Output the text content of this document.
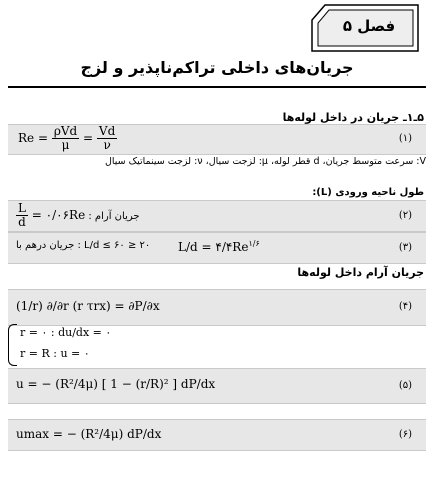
فصل ۵
جریان‌های داخلی تراکم‌ناپذیر و لزج
۵ـ۱ـ جریان در داخل لوله‌ها
$Re = \frac{\text{ρVd}}{\mu} = \frac{Vd}{\nu}$	(۱)
V: سرعت متوسط جریان، d قطر لوله، μ: لزجت سیال، ν: لزجت سینماتیک سیال
طول ناحیه ورودی (L):
جریان آرام :
$\frac{L}{d}$ = ۰/۰۶Re	(۲)
۲۰ ≤ L/d ≤ ۶۰ : جریان درهم با $L/d = ۴/۴Re^{۱/۶}$	(۳)
جریان آرام داخل لوله‌ها
(1/r) ∂/∂r (r τrx) = ∂P/∂x	(۴)
r = ۰ : du/dx = ۰
r = R : u = ۰
u = − (R²/4μ) [ 1 − (r/R)² ] dP/dx	(۵)
umax = − (R²/4μ) dP/dx	(۶)
